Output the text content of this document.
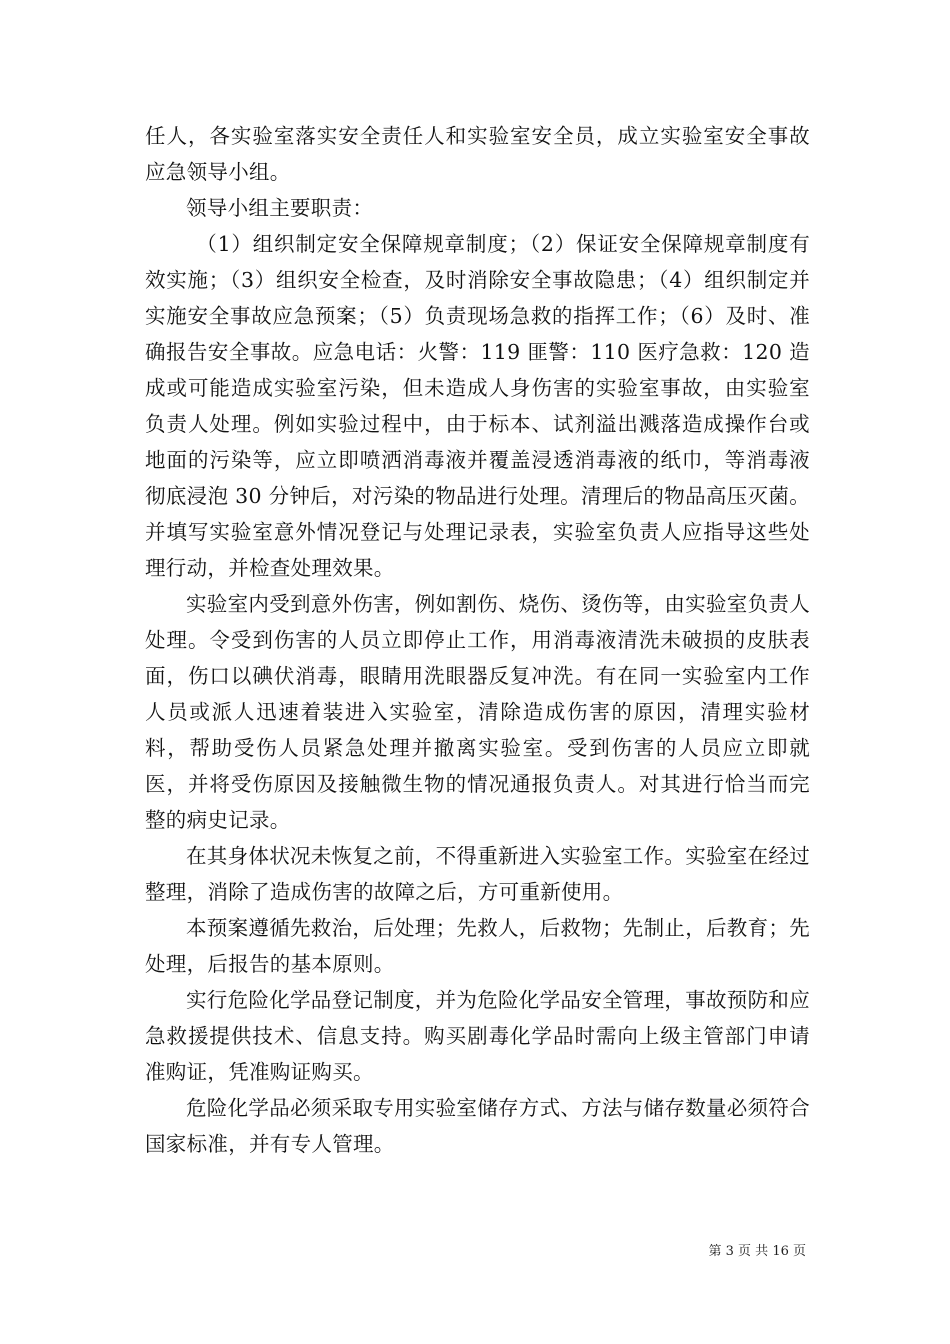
任人，各实验室落实安全责任人和实验室安全员，成立实验室安全事故应急领导小组。

领导小组主要职责：

（1）组织制定安全保障规章制度；（2）保证安全保障规章制度有效实施；（3）组织安全检查，及时消除安全事故隐患；（4）组织制定并实施安全事故应急预案；（5）负责现场急救的指挥工作；（6）及时、准确报告安全事故。应急电话：火警：119 匪警：110 医疗急救：120 造成或可能造成实验室污染，但未造成人身伤害的实验室事故，由实验室负责人处理。例如实验过程中，由于标本、试剂溢出溅落造成操作台或地面的污染等，应立即喷洒消毒液并覆盖浸透消毒液的纸巾，等消毒液彻底浸泡 30 分钟后，对污染的物品进行处理。清理后的物品高压灭菌。并填写实验室意外情况登记与处理记录表，实验室负责人应指导这些处理行动，并检查处理效果。

实验室内受到意外伤害，例如割伤、烧伤、烫伤等，由实验室负责人处理。令受到伤害的人员立即停止工作，用消毒液清洗未破损的皮肤表面，伤口以碘伏消毒，眼睛用洗眼器反复冲洗。有在同一实验室内工作人员或派人迅速着装进入实验室，清除造成伤害的原因，清理实验材料，帮助受伤人员紧急处理并撤离实验室。受到伤害的人员应立即就医，并将受伤原因及接触微生物的情况通报负责人。对其进行恰当而完整的病史记录。

在其身体状况未恢复之前，不得重新进入实验室工作。实验室在经过整理，消除了造成伤害的故障之后，方可重新使用。

本预案遵循先救治，后处理；先救人，后救物；先制止，后教育；先处理，后报告的基本原则。

实行危险化学品登记制度，并为危险化学品安全管理，事故预防和应急救援提供技术、信息支持。购买剧毒化学品时需向上级主管部门申请准购证，凭准购证购买。

危险化学品必须采取专用实验室储存方式、方法与储存数量必须符合国家标准，并有专人管理。

第 3 页 共 16 页
